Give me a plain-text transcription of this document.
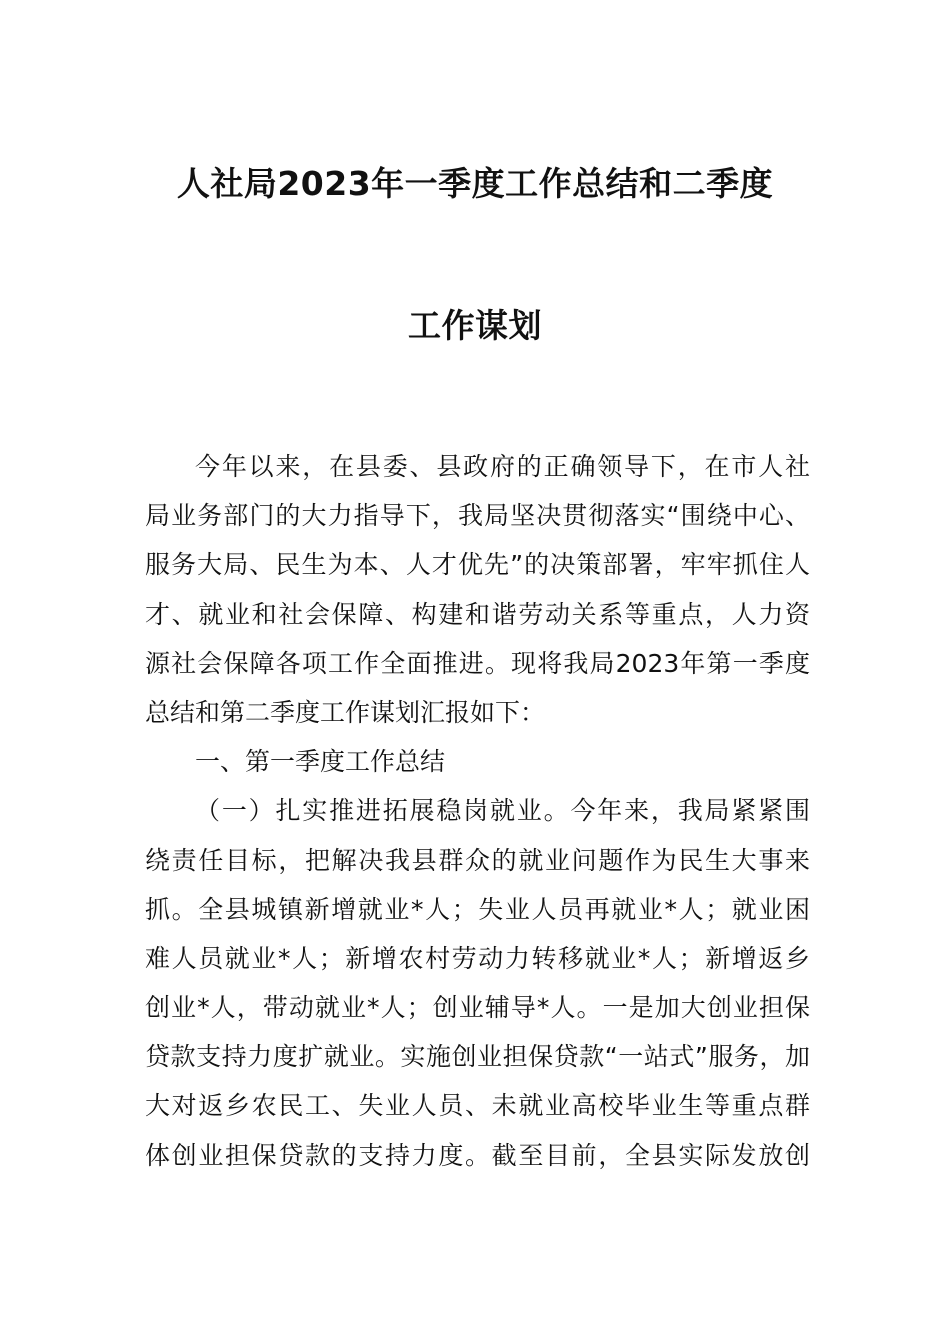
人社局2023年一季度工作总结和二季度
工作谋划
今年以来，在县委、县政府的正确领导下，在市人社
局业务部门的大力指导下，我局坚决贯彻落实“围绕中心、
服务大局、民生为本、人才优先”的决策部署，牢牢抓住人
才、就业和社会保障、构建和谐劳动关系等重点，人力资
源社会保障各项工作全面推进。现将我局2023年第一季度
总结和第二季度工作谋划汇报如下：
一、第一季度工作总结
（一）扎实推进拓展稳岗就业。今年来，我局紧紧围
绕责任目标，把解决我县群众的就业问题作为民生大事来
抓。全县城镇新增就业*人；失业人员再就业*人；就业困
难人员就业*人；新增农村劳动力转移就业*人；新增返乡
创业*人，带动就业*人；创业辅导*人。一是加大创业担保
贷款支持力度扩就业。实施创业担保贷款“一站式”服务，加
大对返乡农民工、失业人员、未就业高校毕业生等重点群
体创业担保贷款的支持力度。截至目前，全县实际发放创
